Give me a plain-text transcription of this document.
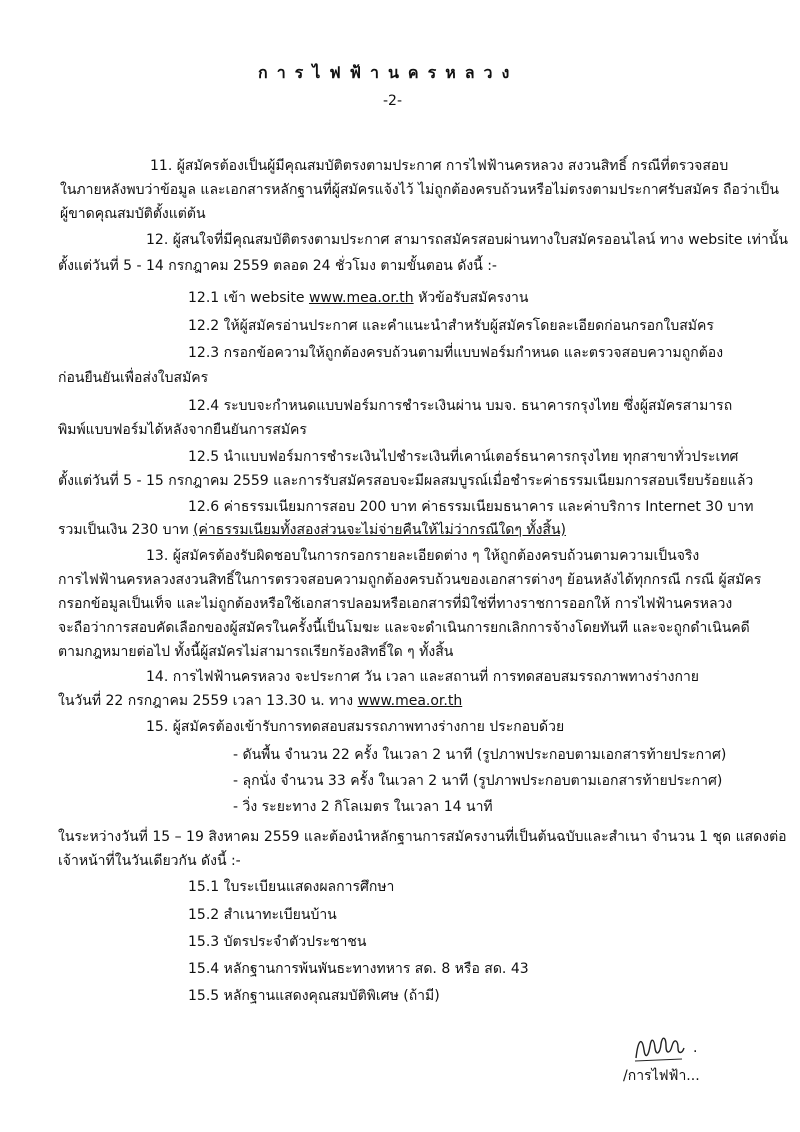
การไฟฟ้านครหลวง
-2-
11. ผู้สมัครต้องเป็นผู้มีคุณสมบัติตรงตามประกาศ การไฟฟ้านครหลวง สงวนสิทธิ์ กรณีที่ตรวจสอบ
ในภายหลังพบว่าข้อมูล และเอกสารหลักฐานที่ผู้สมัครแจ้งไว้ ไม่ถูกต้องครบถ้วนหรือไม่ตรงตามประกาศรับสมัคร ถือว่าเป็น
ผู้ขาดคุณสมบัติตั้งแต่ต้น
12. ผู้สนใจที่มีคุณสมบัติตรงตามประกาศ สามารถสมัครสอบผ่านทางใบสมัครออนไลน์ ทาง website เท่านั้น
ตั้งแต่วันที่ 5 - 14 กรกฎาคม 2559 ตลอด 24 ชั่วโมง ตามขั้นตอน ดังนี้ :-
12.1 เข้า website www.mea.or.th หัวข้อรับสมัครงาน
12.2 ให้ผู้สมัครอ่านประกาศ และคำแนะนำสำหรับผู้สมัครโดยละเอียดก่อนกรอกใบสมัคร
12.3 กรอกข้อความให้ถูกต้องครบถ้วนตามที่แบบฟอร์มกำหนด และตรวจสอบความถูกต้อง
ก่อนยืนยันเพื่อส่งใบสมัคร
12.4 ระบบจะกำหนดแบบฟอร์มการชำระเงินผ่าน บมจ. ธนาคารกรุงไทย ซึ่งผู้สมัครสามารถ
พิมพ์แบบฟอร์มได้หลังจากยืนยันการสมัคร
12.5 นำแบบฟอร์มการชำระเงินไปชำระเงินที่เคาน์เตอร์ธนาคารกรุงไทย ทุกสาขาทั่วประเทศ
ตั้งแต่วันที่ 5 - 15 กรกฎาคม 2559 และการรับสมัครสอบจะมีผลสมบูรณ์เมื่อชำระค่าธรรมเนียมการสอบเรียบร้อยแล้ว
12.6 ค่าธรรมเนียมการสอบ 200 บาท ค่าธรรมเนียมธนาคาร และค่าบริการ Internet 30 บาท
รวมเป็นเงิน 230 บาท (ค่าธรรมเนียมทั้งสองส่วนจะไม่จ่ายคืนให้ไม่ว่ากรณีใดๆ ทั้งสิ้น)
13. ผู้สมัครต้องรับผิดชอบในการกรอกรายละเอียดต่าง ๆ ให้ถูกต้องครบถ้วนตามความเป็นจริง
การไฟฟ้านครหลวงสงวนสิทธิ์ในการตรวจสอบความถูกต้องครบถ้วนของเอกสารต่างๆ ย้อนหลังได้ทุกกรณี กรณี ผู้สมัคร
กรอกข้อมูลเป็นเท็จ และไม่ถูกต้องหรือใช้เอกสารปลอมหรือเอกสารที่มิใช่ที่ทางราชการออกให้ การไฟฟ้านครหลวง
จะถือว่าการสอบคัดเลือกของผู้สมัครในครั้งนี้เป็นโมฆะ และจะดำเนินการยกเลิกการจ้างโดยทันที และจะถูกดำเนินคดี
ตามกฎหมายต่อไป ทั้งนี้ผู้สมัครไม่สามารถเรียกร้องสิทธิ์ใด ๆ ทั้งสิ้น
14. การไฟฟ้านครหลวง จะประกาศ วัน เวลา และสถานที่ การทดสอบสมรรถภาพทางร่างกาย
ในวันที่ 22 กรกฎาคม 2559 เวลา 13.30 น. ทาง www.mea.or.th
15. ผู้สมัครต้องเข้ารับการทดสอบสมรรถภาพทางร่างกาย ประกอบด้วย
- ดันพื้น จำนวน 22 ครั้ง ในเวลา 2 นาที (รูปภาพประกอบตามเอกสารท้ายประกาศ)
- ลุกนั่ง จำนวน 33 ครั้ง ในเวลา 2 นาที (รูปภาพประกอบตามเอกสารท้ายประกาศ)
- วิ่ง ระยะทาง 2 กิโลเมตร ในเวลา 14 นาที
ในระหว่างวันที่ 15 – 19 สิงหาคม 2559 และต้องนำหลักฐานการสมัครงานที่เป็นต้นฉบับและสำเนา จำนวน 1 ชุด แสดงต่อ
เจ้าหน้าที่ในวันเดียวกัน ดังนี้ :-
15.1 ใบระเบียนแสดงผลการศึกษา
15.2 สำเนาทะเบียนบ้าน
15.3 บัตรประจำตัวประชาชน
15.4 หลักฐานการพ้นพันธะทางทหาร สด. 8 หรือ สด. 43
15.5 หลักฐานแสดงคุณสมบัติพิเศษ (ถ้ามี)
.
/การไฟฟ้า...
